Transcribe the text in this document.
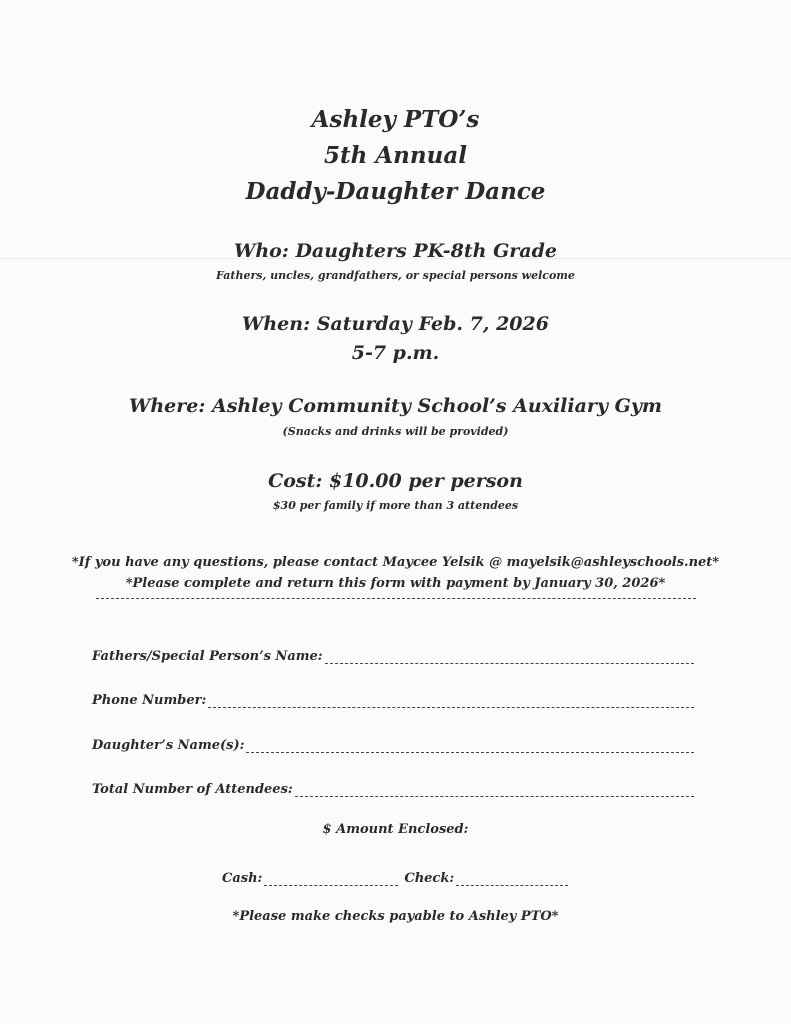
Ashley PTO’s
5th Annual
Daddy-Daughter Dance
Who: Daughters PK-8th Grade
Fathers, uncles, grandfathers, or special persons welcome
When: Saturday Feb. 7, 2026
5-7 p.m.
Where: Ashley Community School’s Auxiliary Gym
(Snacks and drinks will be provided)
Cost: $10.00 per person
$30 per family if more than 3 attendees
*If you have any questions, please contact Maycee Yelsik @ mayelsik@ashleyschools.net*
*Please complete and return this form with payment by January 30, 2026*
Fathers/Special Person’s Name:
Phone Number:
Daughter’s Name(s):
Total Number of Attendees:
$ Amount Enclosed:
Cash:	Check:
*Please make checks payable to Ashley PTO*
